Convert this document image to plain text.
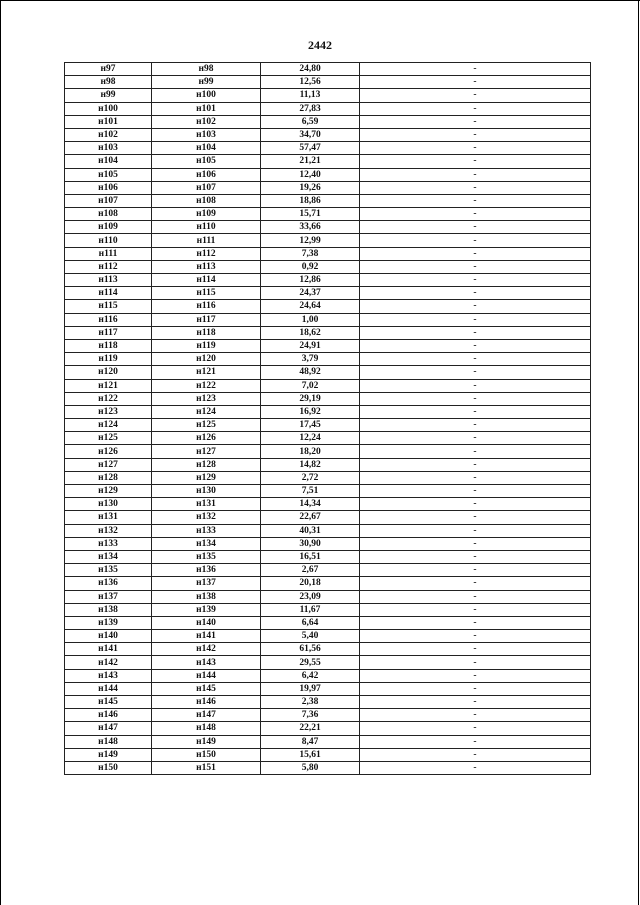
2442
н97	н98	24,80	-
н98	н99	12,56	-
н99	н100	11,13	-
н100	н101	27,83	-
н101	н102	6,59	-
н102	н103	34,70	-
н103	н104	57,47	-
н104	н105	21,21	-
н105	н106	12,40	-
н106	н107	19,26	-
н107	н108	18,86	-
н108	н109	15,71	-
н109	н110	33,66	-
н110	н111	12,99	-
н111	н112	7,38	-
н112	н113	0,92	-
н113	н114	12,86	-
н114	н115	24,37	-
н115	н116	24,64	-
н116	н117	1,00	-
н117	н118	18,62	-
н118	н119	24,91	-
н119	н120	3,79	-
н120	н121	48,92	-
н121	н122	7,02	-
н122	н123	29,19	-
н123	н124	16,92	-
н124	н125	17,45	-
н125	н126	12,24	-
н126	н127	18,20	-
н127	н128	14,82	-
н128	н129	2,72	-
н129	н130	7,51	-
н130	н131	14,34	-
н131	н132	22,67	-
н132	н133	40,31	-
н133	н134	30,90	-
н134	н135	16,51	-
н135	н136	2,67	-
н136	н137	20,18	-
н137	н138	23,09	-
н138	н139	11,67	-
н139	н140	6,64	-
н140	н141	5,40	-
н141	н142	61,56	-
н142	н143	29,55	-
н143	н144	6,42	-
н144	н145	19,97	-
н145	н146	2,38	-
н146	н147	7,36	-
н147	н148	22,21	-
н148	н149	8,47	-
н149	н150	15,61	-
н150	н151	5,80	-
